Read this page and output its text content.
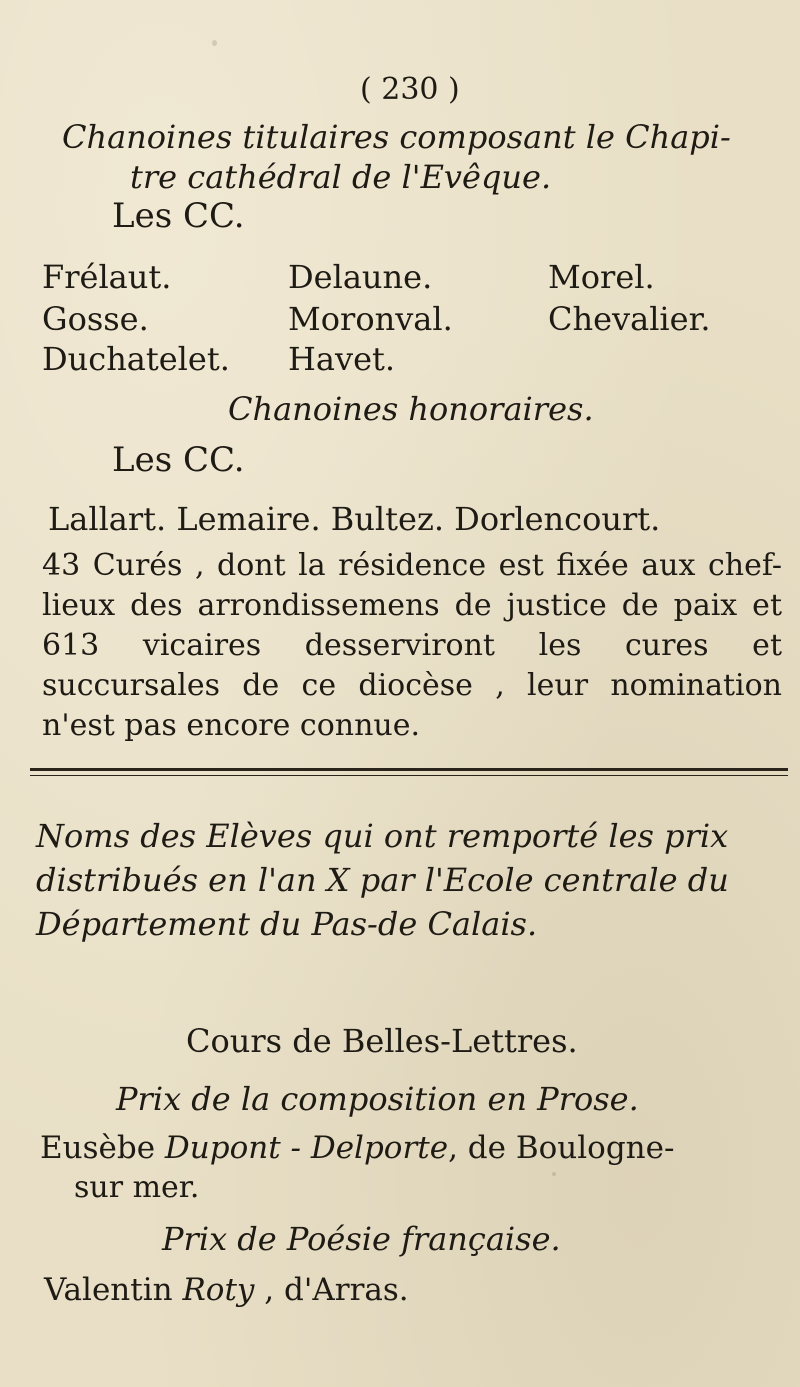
( 230 )
Chanoines titulaires composant le Chapi-
tre cathédral de l'Evêque.
Les CC.
Frélaut.	Delaune.	Morel.
Gosse.	Moronval.	Chevalier.
Duchatelet. Havet.
Chanoines honoraires.
Les CC.
Lallart. Lemaire. Bultez. Dorlencourt.
43 Curés , dont la résidence est fixée aux chef-lieux des arrondissemens de justice de paix et 613 vicaires desserviront les cures et succursales de ce diocèse , leur nomination n'est pas encore connue.
Noms des Elèves qui ont remporté les prix distribués en l'an X par l'Ecole centrale du Département du Pas-de Calais.
Cours de Belles-Lettres.
Prix de la composition en Prose.
Eusèbe Dupont - Delporte, de Boulogne-
sur mer.
Prix de Poésie française.
Valentin Roty , d'Arras.
